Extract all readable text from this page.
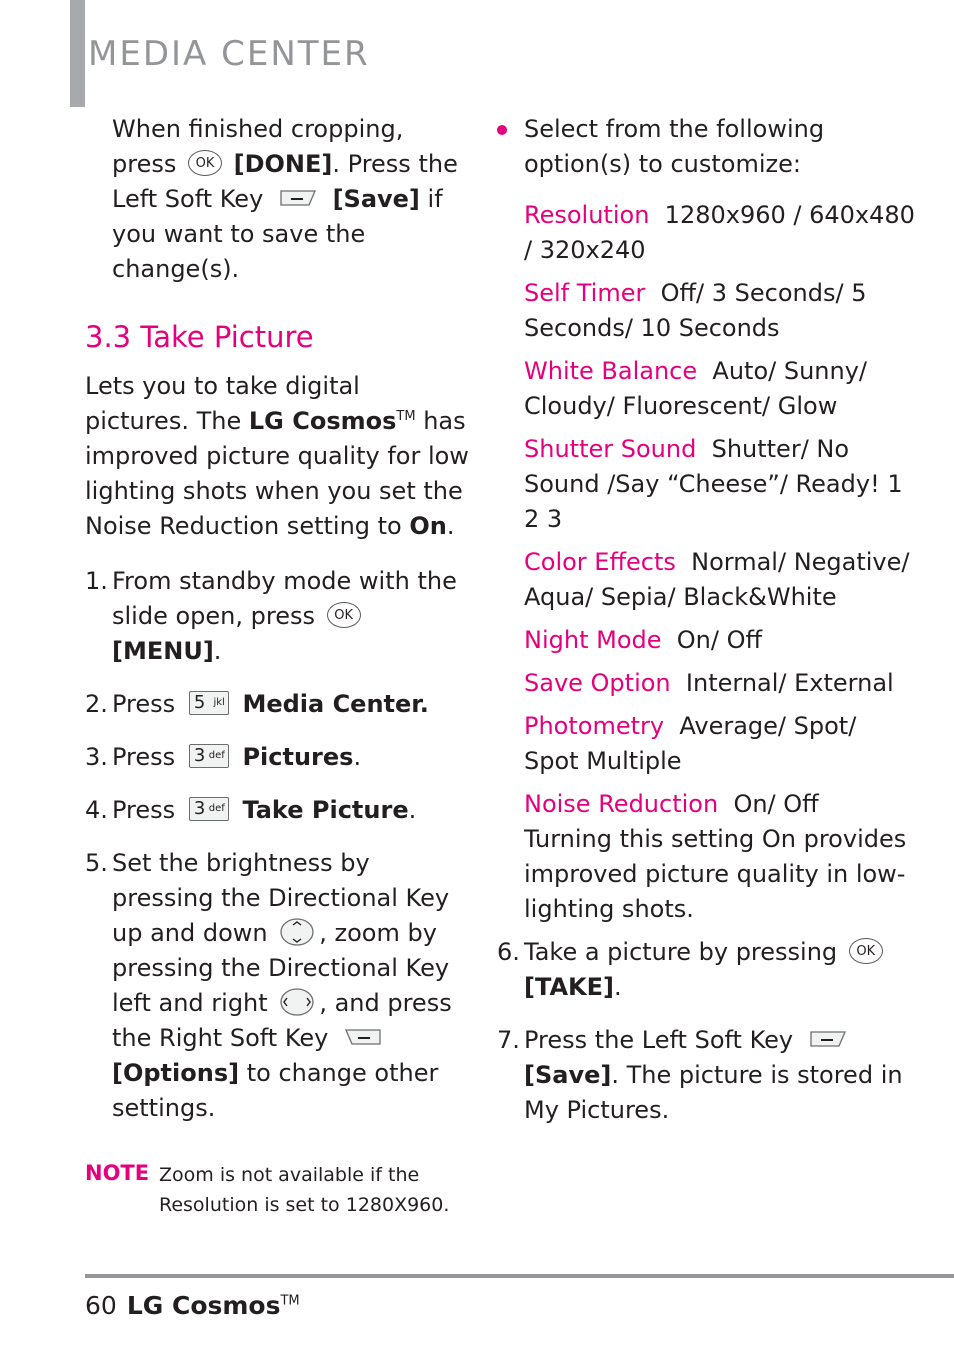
MEDIA CENTER

When finished cropping, press OK [DONE]. Press the Left Soft Key	[Save] if you want to save the change(s).

3.3 Take Picture

Lets you to take digital pictures. The LG Cosmos™ has improved picture quality for low lighting shots when you set the Noise Reduction setting to On.

1. From standby mode with the slide open, press OK [MENU].
2. Press 5 jkl Media Center.
3. Press 3 def Pictures.
4. Press 3 def Take Picture.
5. Set the brightness by pressing the Directional Key up and down , zoom by pressing the Directional Key left and right , and press the Right Soft Key  [Options] to change other settings.
NOTE Zoom is not available if the Resolution is set to 1280X960.
Select from the following option(s) to customize:

Resolution 1280x960 / 640x480 / 320x240

Self Timer Off/ 3 Seconds/ 5 Seconds/ 10 Seconds

White Balance Auto/ Sunny/ Cloudy/ Fluorescent/ Glow

Shutter Sound Shutter/ No Sound /Say “Cheese”/ Ready! 1 2 3

Color Effects Normal/ Negative/ Aqua/ Sepia/ Black&White

Night Mode On/ Off

Save Option Internal/ External

Photometry Average/ Spot/ Spot Multiple

Noise Reduction On/ Off

Turning this setting On provides improved picture quality in low-lighting shots.

6. Take a picture by pressing OK [TAKE].
7. Press the Left Soft Key  [Save]. The picture is stored in My Pictures.
60 LG Cosmos™
